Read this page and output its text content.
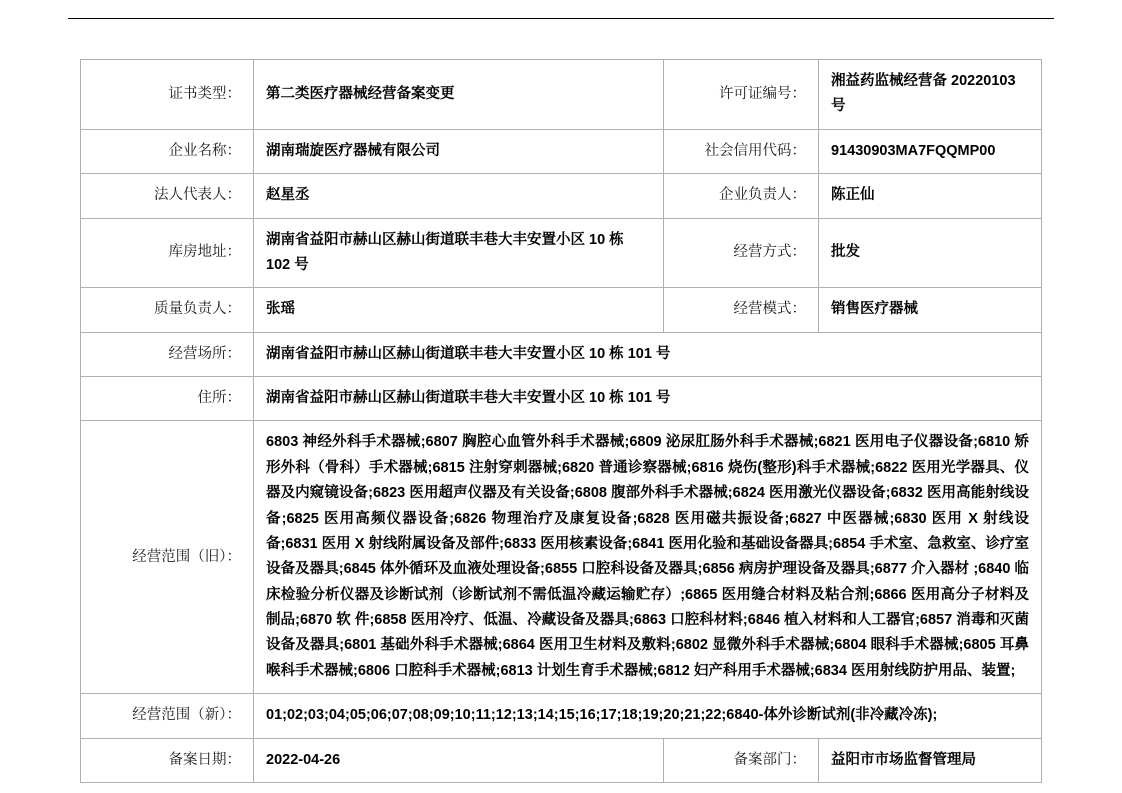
证书类型：	第二类医疗器械经营备案变更	许可证编号：	湘益药监械经营备 20220103 号
企业名称：	湖南瑞旋医疗器械有限公司	社会信用代码：	91430903MA7FQQMP00
法人代表人：	赵星丞	企业负责人：	陈正仙
库房地址：	湖南省益阳市赫山区赫山街道联丰巷大丰安置小区 10 栋 102 号	经营方式：	批发
质量负责人：	张瑶	经营模式：	销售医疗器械
经营场所：	湖南省益阳市赫山区赫山街道联丰巷大丰安置小区 10 栋 101 号		
住所：	湖南省益阳市赫山区赫山街道联丰巷大丰安置小区 10 栋 101 号		
经营范围（旧）：	6803 神经外科手术器械;6807 胸腔心血管外科手术器械;6809 泌尿肛肠外科手术器械;6821 医用电子仪器设备;6810 矫形外科（骨科）手术器械;6815 注射穿刺器械;6820 普通诊察器械;6816 烧伤(整形)科手术器械;6822 医用光学器具、仪器及内窥镜设备;6823 医用超声仪器及有关设备;6808 腹部外科手术器械;6824 医用激光仪器设备;6832 医用高能射线设备;6825 医用高频仪器设备;6826 物理治疗及康复设备;6828 医用磁共振设备;6827 中医器械;6830 医用 X 射线设备;6831 医用 X 射线附属设备及部件;6833 医用核素设备;6841 医用化验和基础设备器具;6854 手术室、急救室、诊疗室设备及器具;6845 体外循环及血液处理设备;6855 口腔科设备及器具;6856 病房护理设备及器具;6877 介入器材 ;6840 临床检验分析仪器及诊断试剂（诊断试剂不需低温冷藏运输贮存）;6865 医用缝合材料及粘合剂;6866 医用高分子材料及制品;6870 软 件;6858 医用冷疗、低温、冷藏设备及器具;6863 口腔科材料;6846 植入材料和人工器官;6857 消毒和灭菌设备及器具;6801 基础外科手术器械;6864 医用卫生材料及敷料;6802 显微外科手术器械;6804 眼科手术器械;6805 耳鼻喉科手术器械;6806 口腔科手术器械;6813 计划生育手术器械;6812 妇产科用手术器械;6834 医用射线防护用品、装置;		
经营范围（新）：	01;02;03;04;05;06;07;08;09;10;11;12;13;14;15;16;17;18;19;20;21;22;6840-体外诊断试剂(非冷藏冷冻);		
备案日期：	2022-04-26	备案部门：	益阳市市场监督管理局
